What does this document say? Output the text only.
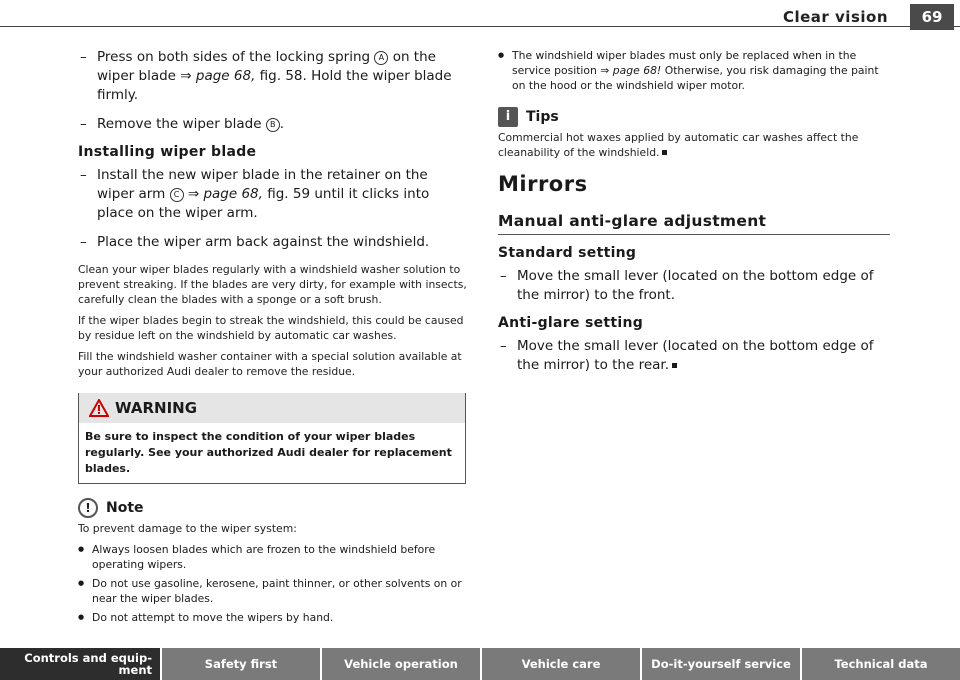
Clear vision	69
– Press on both sides of the locking spring A on the wiper blade ⇒ page 68, fig. 58. Hold the wiper blade firmly.
– Remove the wiper blade B .
Installing wiper blade
– Install the new wiper blade in the retainer on the wiper arm C ⇒ page 68, fig. 59 until it clicks into place on the wiper arm.
– Place the wiper arm back against the windshield.

Clean your wiper blades regularly with a windshield washer solution to prevent streaking. If the blades are very dirty, for example with insects, carefully clean the blades with a sponge or a soft brush.

If the wiper blades begin to streak the windshield, this could be caused by residue left on the windshield by automatic car washes.

Fill the windshield washer container with a special solution available at your authorized Audi dealer to remove the residue.

WARNING
Be sure to inspect the condition of your wiper blades regularly. See your authorized Audi dealer for replacement blades.
!	Note

To prevent damage to the wiper system:

● Always loosen blades which are frozen to the windshield before operating wipers.
● Do not use gasoline, kerosene, paint thinner, or other solvents on or near the wiper blades.
● Do not attempt to move the wipers by hand.
● The windshield wiper blades must only be replaced when in the service position ⇒ page 68! Otherwise, you risk damaging the paint on the hood or the windshield wiper motor.
i	Tips

Commercial hot waxes applied by automatic car washes affect the cleanability of the windshield.

Mirrors
Manual anti-glare adjustment
Standard setting
– Move the small lever (located on the bottom edge of the mirror) to the front.
Anti-glare setting
– Move the small lever (located on the bottom edge of the mirror) to the rear.
Controls and equip- ment	Safety first	Vehicle operation	Vehicle care	Do-it-yourself service	Technical data
